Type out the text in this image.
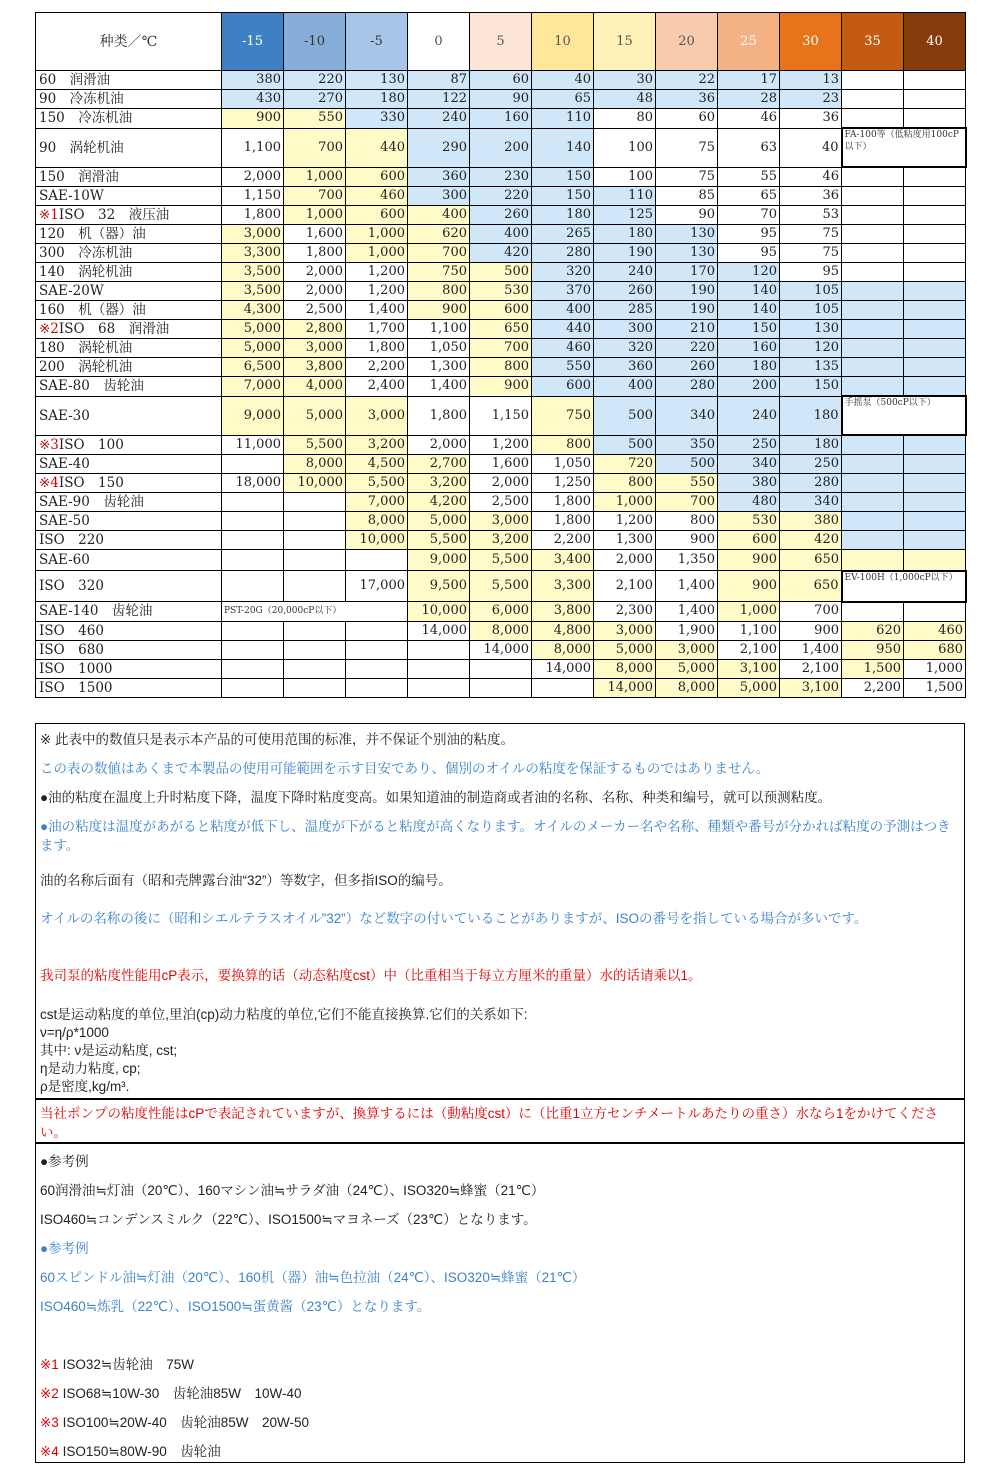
种类／℃	-15	-10	-5	0	5	10	15	20	25	30	35	40
60　润滑油	380	220	130	87	60	40	30	22	17	13		
90　冷冻机油	430	270	180	122	90	65	48	36	28	23		
150　冷冻机油	900	550	330	240	160	110	80	60	46	36		
90　涡轮机油	1,100	700	440	290	200	140	100	75	63	40	FA-100等（低粘度用100cP以下）	
150　润滑油	2,000	1,000	600	360	230	150	100	75	55	46		
SAE-10W	1,150	700	460	300	220	150	110	85	65	36		
※1ISO　32　液压油	1,800	1,000	600	400	260	180	125	90	70	53		
120　机（器）油	3,000	1,600	1,000	620	400	265	180	130	95	75		
300　冷冻机油	3,300	1,800	1,000	700	420	280	190	130	95	75		
140　涡轮机油	3,500	2,000	1,200	750	500	320	240	170	120	95		
SAE-20W	3,500	2,000	1,200	800	530	370	260	190	140	105		
160　机（器）油	4,300	2,500	1,400	900	600	400	285	190	140	105		
※2ISO　68　润滑油	5,000	2,800	1,700	1,100	650	440	300	210	150	130		
180　涡轮机油	5,000	3,000	1,800	1,050	700	460	320	220	160	120		
200　涡轮机油	6,500	3,800	2,200	1,300	800	550	360	260	180	135		
SAE-80　齿轮油	7,000	4,000	2,400	1,400	900	600	400	280	200	150		
SAE-30	9,000	5,000	3,000	1,800	1,150	750	500	340	240	180	手摇泵（500cP以下）	
※3ISO　100	11,000	5,500	3,200	2,000	1,200	800	500	350	250	180		
SAE-40		8,000	4,500	2,700	1,600	1,050	720	500	340	250		
※4ISO　150	18,000	10,000	5,500	3,200	2,000	1,250	800	550	380	280		
SAE-90　齿轮油			7,000	4,200	2,500	1,800	1,000	700	480	340		
SAE-50			8,000	5,000	3,000	1,800	1,200	800	530	380		
ISO　220			10,000	5,500	3,200	2,200	1,300	900	600	420		
SAE-60				9,000	5,500	3,400	2,000	1,350	900	650		
ISO　320			17,000	9,500	5,500	3,300	2,100	1,400	900	650	EV-100H（1,000cP以下）	
SAE-140　齿轮油	PST-20G（20,000cP以下）			10,000	6,000	3,800	2,300	1,400	1,000	700		
ISO　460				14,000	8,000	4,800	3,000	1,900	1,100	900	620	460
ISO　680					14,000	8,000	5,000	3,000	2,100	1,400	950	680
ISO　1000						14,000	8,000	5,000	3,100	2,100	1,500	1,000
ISO　1500							14,000	8,000	5,000	3,100	2,200	1,500

※ 此表中的数值只是表示本产品的可使用范围的标准，并不保证个别油的粘度。

この表の数値はあくまで本製品の使用可能範囲を示す目安であり、個別のオイルの粘度を保証するものではありません。

●油的粘度在温度上升时粘度下降，温度下降时粘度变高。如果知道油的制造商或者油的名称、名称、种类和编号，就可以预测粘度。

●油の粘度は温度があがると粘度が低下し、温度が下がると粘度が高くなります。オイルのメーカー名や名称、種類や番号が分かれば粘度の予測はつきます。

油的名称后面有（昭和壳牌露台油“32”）等数字，但多指ISO的编号。

オイルの名称の後に（昭和シエルテラスオイル”32”）など数字の付いていることがありますが、ISOの番号を指している場合が多いです。

我司泵的粘度性能用cP表示，要换算的话（动态粘度cst）中（比重相当于每立方厘米的重量）水的话请乘以1。

cst是运动粘度的单位,里泊(cp)动力粘度的单位,它们不能直接换算.它们的关系如下:

ν=η/ρ*1000

其中: ν是运动粘度, cst;

η是动力粘度, cp;

ρ是密度,kg/m³.

当社ポンプの粘度性能はcPで表記されていますが、換算するには（動粘度cst）に（比重1立方センチメートルあたりの重さ）水なら1をかけてください。

●参考例

60润滑油≒灯油（20℃）、160マシン油≒サラダ油（24℃）、ISO320≒蜂蜜（21℃）

ISO460≒コンデンスミルク（22℃）、ISO1500≒マヨネーズ（23℃）となります。

●参考例

60スピンドル油≒灯油（20℃）、160机（器）油≒色拉油（24℃）、ISO320≒蜂蜜（21℃）

ISO460≒炼乳（22℃）、ISO1500≒蛋黄酱（23℃）となります。

※1 ISO32≒齿轮油　75W

※2 ISO68≒10W-30　齿轮油85W　10W-40

※3 ISO100≒20W-40　齿轮油85W　20W-50

※4 ISO150≒80W-90　齿轮油
